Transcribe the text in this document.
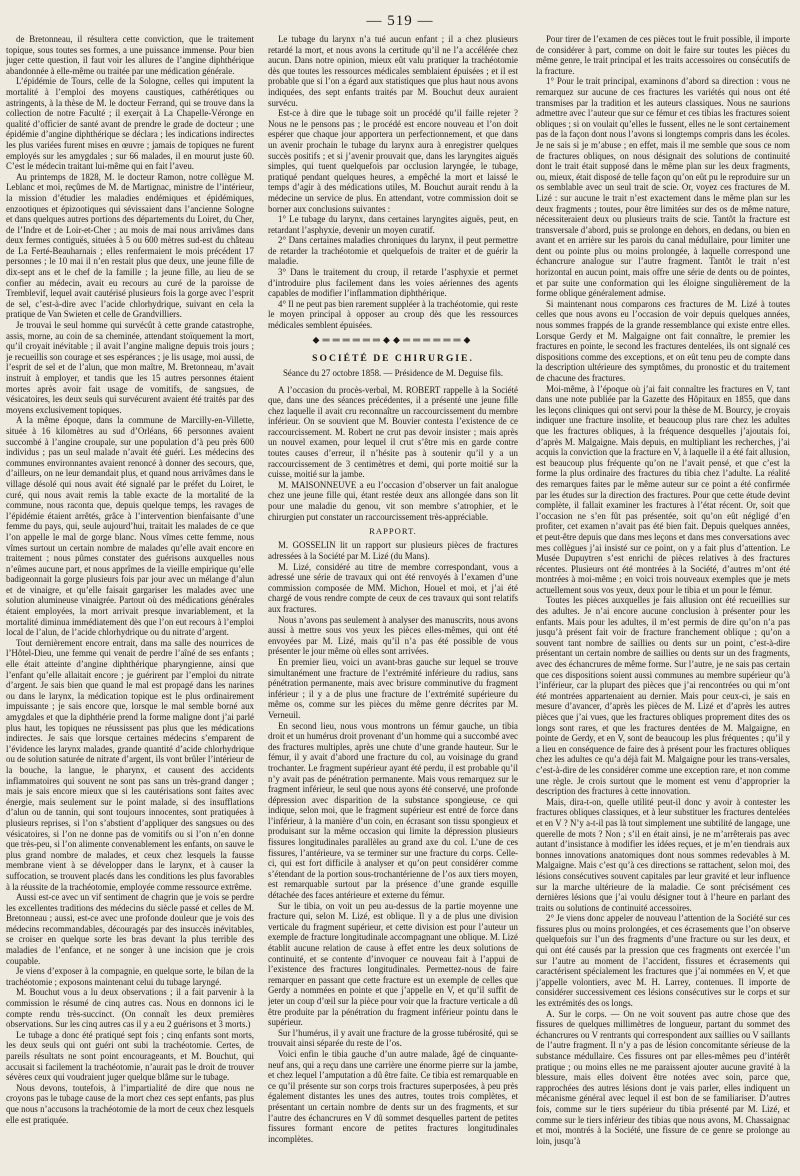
— 519 —

de Bretonneau, il résultera cette conviction, que le traitement topique, sous toutes ses formes, a une puissance immense. Pour bien juger cette question, il faut voir les allures de l’angine diphthérique abandonnée à elle-même ou traitée par une médication générale.

L’épidémie de Tours, celle de la Sologne, celles qui imputent la mortalité à l’emploi des moyens caustiques, cathérétiques ou astringents, à la thèse de M. le docteur Ferrand, qui se trouve dans la collection de notre Faculté ; il exerçait à La Chapelle-Véronge en qualité d’officier de santé avant de prendre le grade de docteur ; une épidémie d’angine diphthérique se déclara ; les indications indirectes les plus variées furent mises en œuvre ; jamais de topiques ne furent employés sur les amygdales ; sur 66 malades, il en mourut juste 60. C’est le médecin traitant lui-même qui en fait l’aveu.

Au printemps de 1828, M. le docteur Ramon, notre collègue M. Leblanc et moi, reçûmes de M. de Martignac, ministre de l’intérieur, la mission d’étudier les maladies endémiques et épidémiques, enzootiques et épizootiques qui sévissaient dans l’ancienne Sologne et dans quelques autres portions des départements du Loiret, du Cher, de l’Indre et de Loir-et-Cher ; au mois de mai nous arrivâmes dans deux fermes contiguës, situées à 5 ou 600 mètres sud-est du château de La Ferté-Beauharnais ; elles renfermaient le mois précédent 17 personnes ; le 10 mai il n’en restait plus que deux, une jeune fille de dix-sept ans et le chef de la famille ; la jeune fille, au lieu de se confier au médecin, avait eu recours au curé de la paroisse de Tremblevif, lequel avait cautérisé plusieurs fois la gorge avec l’esprit de sel, c’est-à-dire avec l’acide chlorhydrique, suivant en cela la pratique de Van Swieten et celle de Grandvilliers.

Je trouvai le seul homme qui survécût à cette grande catastrophe, assis, morne, au coin de sa cheminée, attendant stoïquement la mort, qu’il croyait inévitable ; il avait l’angine maligne depuis trois jours ; je recueillis son courage et ses espérances ; je lis usage, moi aussi, de l’esprit de sel et de l’alun, que mon maître, M. Bretonneau, m’avait instruit à employer, et tandis que les 15 autres personnes étaient mortes après avoir fait usage de vomitifs, de sangsues, de vésicatoires, les deux seuls qui survécurent avaient été traités par des moyens exclusivement topiques.

A la même époque, dans la commune de Marcilly-en-Villette, située à 16 kilomètres au sud d’Orléans, 66 personnes avaient succombé à l’angine croupale, sur une population d’à peu près 600 individus ; pas un seul malade n’avait été guéri. Les médecins des communes environnantes avaient renoncé à donner des secours, que, d’ailleurs, on ne leur demandait plus, et quand nous arrivâmes dans le village désolé qui nous avait été signalé par le préfet du Loiret, le curé, qui nous avait remis la table exacte de la mortalité de la commune, nous raconta que, depuis quelque temps, les ravages de l’épidémie étaient arrêtés, grâce à l’intervention bienfaisante d’une femme du pays, qui, seule aujourd’hui, traitait les malades de ce que l’on appelle le mal de gorge blanc. Nous vîmes cette femme, nous vîmes surtout un certain nombre de malades qu’elle avait encore en traitement ; nous pûmes constater des guérisons auxquelles nous n’eûmes aucune part, et nous apprîmes de la vieille empirique qu’elle badigeonnait la gorge plusieurs fois par jour avec un mélange d’alun et de vinaigre, et qu’elle faisait gargariser les malades avec une solution alumineuse vinaigrée. Partout où des médications générales étaient employées, la mort arrivait presque invariablement, et la mortalité diminua immédiatement dès que l’on eut recours à l’emploi local de l’alun, de l’acide chlorhydrique ou du nitrate d’argent.

Tout dernièrement encore entrait, dans ma salle des nourrices de l’Hôtel-Dieu, une femme qui venait de perdre l’aîné de ses enfants ; elle était atteinte d’angine diphthérique pharyngienne, ainsi que l’enfant qu’elle allaitait encore ; je guérirent par l’emploi du nitrate d’argent. Je sais bien que quand le mal est propagé dans les narines ou dans le larynx, la médication topique est le plus ordinairement impuissante ; je sais encore que, lorsque le mal semble borné aux amygdales et que la diphthérie prend la forme maligne dont j’ai parlé plus haut, les topiques ne réussissent pas plus que les médications indirectes. Je sais que lorsque certaines médecins s’emparent de l’évidence les larynx malades, grande quantité d’acide chlorhydrique ou de solution saturée de nitrate d’argent, ils vont brûler l’intérieur de la bouche, la langue, le pharynx, et causent des accidents inflammatoires qui souvent ne sont pas sans un très-grand danger ; mais je sais encore mieux que si les cautérisations sont faites avec énergie, mais seulement sur le point malade, si des insufflations d’alun ou de tannin, qui sont toujours innocentes, sont pratiquées à plusieurs reprises, si l’on s’abstient d’appliquer des sangsues ou des vésicatoires, si l’on ne donne pas de vomitifs ou si l’on n’en donne que très-peu, si l’on alimente convenablement les enfants, on sauve le plus grand nombre de malades, et ceux chez lesquels la fausse membrane vient à se développer dans le larynx, et à causer la suffocation, se trouvent placés dans les conditions les plus favorables à la réussite de la trachéotomie, employée comme ressource extrême.

Aussi est-ce avec un vif sentiment de chagrin que je vois se perdre les excellentes traditions des médecins du siècle passé et celles de M. Bretonneau ; aussi, est-ce avec une profonde douleur que je vois des médecins recommandables, découragés par des insuccès inévitables, se croiser en quelque sorte les bras devant la plus terrible des maladies de l’enfance, et ne songer à une incision que je crois coupable.

Je viens d’exposer à la compagnie, en quelque sorte, le bilan de la trachéotomie ; exposons maintenant celui du tubage laryngé.

M. Bouchut vous a lu deux observations ; il a fait parvenir à la commission le résumé de cinq autres cas. Nous en donnons ici le compte rendu très-succinct. (On connaît les deux premières observations. Sur les cinq autres cas il y a eu 2 guérisons et 3 morts.)

Le tubage a donc été pratiqué sept fois ; cinq enfants sont morts, les deux seuls qui ont guéri ont subi la trachéotomie. Certes, de pareils résultats ne sont point encourageants, et M. Bouchut, qui accusait si facilement la trachéotomie, n’aurait pas le droit de trouver sévères ceux qui voudraient juger quelque blâme sur le tubage.

Nous devons, toutefois, à l’impartialité de dire que nous ne croyons pas le tubage cause de la mort chez ces sept enfants, pas plus que nous n’accusons la trachéotomie de la mort de ceux chez lesquels elle est pratiquée.

Le tubage du larynx n’a tué aucun enfant ; il a chez plusieurs retardé la mort, et nous avons la certitude qu’il ne l’a accélérée chez aucun. Dans notre opinion, mieux eût valu pratiquer la trachéotomie dès que toutes les ressources médicales semblaient épuisées ; et il est probable que si l’on a égard aux statistiques que plus haut nous avons indiquées, des sept enfants traités par M. Bouchut deux auraient survécu.

Est-ce à dire que le tubage soit un procédé qu’il faille rejeter ? Nous ne le pensons pas ; le procédé est encore nouveau et l’on doit espérer que chaque jour apportera un perfectionnement, et que dans un avenir prochain le tubage du larynx aura à enregistrer quelques succès positifs ; et si j’avenir prouvait que, dans les laryngites aiguës simples, qui tuent quelquefois par occlusion laryngée, le tubage, pratiqué pendant quelques heures, a empêché la mort et laissé le temps d’agir à des médications utiles, M. Bouchut aurait rendu à la médecine un service de plus. En attendant, votre commission doit se borner aux conclusions suivantes :

1° Le tubage du larynx, dans certaines laryngites aiguës, peut, en retardant l’asphyxie, devenir un moyen curatif.

2° Dans certaines maladies chroniques du larynx, il peut permettre de retarder la trachéotomie et quelquefois de traiter et de guérir la maladie.

3° Dans le traitement du croup, il retarde l’asphyxie et permet d’introduire plus facilement dans les voies aériennes des agents capables de modifier l’inflammation diphthérique.

4° Il ne peut pas bien rarement suppléer à la trachéotomie, qui reste le moyen principal à opposer au croup dès que les ressources médicales semblent épuisées.

⬥══════⬥⬥══════⬥
SOCIÉTÉ DE CHIRURGIE.
Séance du 27 octobre 1858. — Présidence de M. Deguise fils.

A l’occasion du procès-verbal, M. ROBERT rappelle à la Société que, dans une des séances précédentes, il a présenté une jeune fille chez laquelle il avait cru reconnaître un raccourcissement du membre inférieur. On se souvient que M. Bouvier contesta l’existence de ce raccourcissement. M. Robert ne crut pas devoir insister ; mais après un nouvel examen, pour lequel il crut s’être mis en garde contre toutes causes d’erreur, il n’hésite pas à soutenir qu’il y a un raccourcissement de 3 centimètres et demi, qui porte moitié sur la cuisse, moitié sur la jambe.

M. MAISONNEUVE a eu l’occasion d’observer un fait analogue chez une jeune fille qui, étant restée deux ans allongée dans son lit pour une maladie du genou, vit son membre s’atrophier, et le chirurgien put constater un raccourcissement très-appréciable.

RAPPORT.

M. GOSSELIN lit un rapport sur plusieurs pièces de fractures adressées à la Société par M. Lizé (du Mans).

M. Lizé, considéré au titre de membre correspondant, vous a adressé une série de travaux qui ont été renvoyés à l’examen d’une commission composée de MM. Michon, Houel et moi, et j’ai été chargé de vous rendre compte de ceux de ces travaux qui sont relatifs aux fractures.

Nous n’avons pas seulement à analyser des manuscrits, nous avons aussi à mettre sous vos yeux les pièces elles-mêmes, qui ont été envoyées par M. Lizé, mais qu’il n’a pas été possible de vous présenter le jour même où elles sont arrivées.

En premier lieu, voici un avant-bras gauche sur lequel se trouve simultanément une fracture de l’extrémité inférieure du radius, sans pénétration permanente, mais avec brisure comminutive du fragment inférieur ; il y a de plus une fracture de l’extrémité supérieure du même os, comme sur les pièces du même genre décrites par M. Verneuil.

En second lieu, nous vous montrons un fémur gauche, un tibia droit et un humérus droit provenant d’un homme qui a succombé avec des fractures multiples, après une chute d’une grande hauteur. Sur le fémur, il y avait d’abord une fracture du col, au voisinage du grand trochanter. Le fragment supérieur ayant été perdu, il est probable qu’il n’y avait pas de pénétration permanente. Mais vous remarquez sur le fragment inférieur, le seul que nous ayons été conservé, une profonde dépression avec disparition de la substance spongieuse, ce qui indique, selon moi, que le fragment supérieur est entré de force dans l’inférieur, à la manière d’un coin, en écrasant son tissu spongieux et produisant sur la même occasion qui limite la dépression plusieurs fissures longitudinales parallèles au grand axe du col. L’une de ces fissures, l’antérieure, va se terminer sur une fracture du corps. Celle-ci, qui est fort difficile à analyser et qu’on peut considérer comme s’étendant de la portion sous-trochantérienne de l’os aux tiers moyen, est remarquable surtout par la présence d’une grande esquille détachée des faces antérieure et externe du fémur.

Sur le tibia, on voit un peu au-dessus de la partie moyenne une fracture qui, selon M. Lizé, est oblique. Il y a de plus une division verticale du fragment supérieur, et cette division est pour l’auteur un exemple de fracture longitudinale accompagnant une oblique. M. Lizé établit aucune relation de cause à effet entre les deux solutions de continuité, et se contente d’invoquer ce nouveau fait à l’appui de l’existence des fractures longitudinales. Permettez-nous de faire remarquer en passant que cette fracture est un exemple de celles que Gerdy a nommées en pointe et que j’appelle en V, et qu’il suffit de jeter un coup d’œil sur la pièce pour voir que la fracture verticale a dû être produite par la pénétration du fragment inférieur pointu dans le supérieur.

Sur l’humérus, il y avait une fracture de la grosse tubérosité, qui se trouvait ainsi séparée du reste de l’os.

Voici enfin le tibia gauche d’un autre malade, âgé de cinquante-neuf ans, qui a reçu dans une carrière une énorme pierre sur la jambe, et chez lequel l’amputation a dû être faite. Ce tibia est remarquable en ce qu’il présente sur son corps trois fractures superposées, à peu près également distantes les unes des autres, toutes trois complètes, et présentant un certain nombre de dents sur un des fragments, et sur l’autre des échancrures en V dû sommet desquelles partent de petites fissures formant encore de petites fractures longitudinales incomplètes.

Pour tirer de l’examen de ces pièces tout le fruit possible, il importe de considérer à part, comme on doit le faire sur toutes les pièces du même genre, le trait principal et les traits accessoires ou consécutifs de la fracture.

1° Pour le trait principal, examinons d’abord sa direction : vous ne remarquez sur aucune de ces fractures les variétés qui nous ont été transmises par la tradition et les auteurs classiques. Nous ne saurions admettre avec l’auteur que sur ce fémur et ces tibias les fractures soient obliques ; si on voulait qu’elles le fussent, elles ne le sont certainement pas de la façon dont nous l’avons si longtemps compris dans les écoles. Je ne sais si je m’abuse ; en effet, mais il me semble que sous ce nom de fractures obliques, on nous désignait des solutions de continuité dont le trait était supposé dans le même plan sur les deux fragments, ou, mieux, était disposé de telle façon qu’on eût pu le reproduire sur un os semblable avec un seul trait de scie. Or, voyez ces fractures de M. Lizé : sur aucune le trait n’est exactement dans le même plan sur les deux fragments ; toutes, pour être limitées sur des os de même nature, nécessiteraient deux ou plusieurs traits de scie. Tantôt la fracture est transversale d’abord, puis se prolonge en dehors, en dedans, ou bien en avant et en arrière sur les parois du canal médullaire, pour limiter une dent ou pointe plus ou moins prolongée, à laquelle correspond une échancrure analogue sur l’autre fragment. Tantôt le trait n’est horizontal en aucun point, mais offre une série de dents ou de pointes, et par suite une conformation qui les éloigne singulièrement de la forme oblique généralement admise.

Si maintenant nous comparons ces fractures de M. Lizé à toutes celles que nous avons eu l’occasion de voir depuis quelques années, nous sommes frappés de la grande ressemblance qui existe entre elles. Lorsque Gerdy et M. Malgaigne ont fait connaître, le premier les fractures en pointe, le second les fractures dentelées, ils ont signalé ces dispositions comme des exceptions, et on eût tenu peu de compte dans la description ultérieure des symptômes, du pronostic et du traitement de chacune des fractures.

Moi-même, à l’époque où j’ai fait connaître les fractures en V, tant dans une note publiée par la Gazette des Hôpitaux en 1855, que dans les leçons cliniques qui ont servi pour la thèse de M. Bourcy, je croyais indiquer une fracture insolite, et beaucoup plus rare chez les adultes que les fractures obliques, à la fréquence desquelles j’ajoutais foi, d’après M. Malgaigne. Mais depuis, en multipliant les recherches, j’ai acquis la conviction que la fracture en V, à laquelle il a été fait allusion, est beaucoup plus fréquente qu’on ne l’avait pensé, et que c’est la forme la plus ordinaire des fractures du tibia chez l’adulte. La réalité des remarques faites par le même auteur sur ce point a été confirmée par les études sur la direction des fractures. Pour que cette étude devint complète, il fallait examiner les fractures à l’état récent. Or, soit que l’occasion ne s’en fût pas présentée, soit qu’on eût négligé d’en profiter, cet examen n’avait pas été bien fait. Depuis quelques années, et peut-être depuis que dans mes leçons et dans mes conversations avec mes collègues j’ai insisté sur ce point, on y a fait plus d’attention. Le Musée Dupuytren s’est enrichi de pièces relatives à des fractures récentes. Plusieurs ont été montrées à la Société, d’autres m’ont été montrées à moi-même ; en voici trois nouveaux exemples que je mets actuellement sous vos yeux, deux pour le tibia et un pour le fémur.

Toutes les pièces auxquelles je fais allusion ont été recueillies sur des adultes. Je n’ai encore aucune conclusion à présenter pour les enfants. Mais pour les adultes, il m’est permis de dire qu’on n’a pas jusqu’à présent fait voir de fracture franchement oblique ; qu’on a souvent tant nombre de saillies ou dents sur un point, c’est-à-dire présentant un certain nombre de saillies ou dents sur un des fragments, avec des échancrures de même forme. Sur l’autre, je ne sais pas certain que ces dispositions soient aussi communes au membre supérieur qu’à l’inférieur, car la plupart des pièces que j’ai rencontrées ou qui m’ont été montrées appartenaient au dernier. Mais pour ceux-ci, je sais en mesure d’avancer, d’après les pièces de M. Lizé et d’après les autres pièces que j’ai vues, que les fractures obliques proprement dites des os longs sont rares, et que les fractures dentées de M. Malgaigne, en pointe de Gerdy, et en V, sont de beaucoup les plus fréquentes ; qu’il y a lieu en conséquence de faire des à présent pour les fractures obliques chez les adultes ce qu’a déjà fait M. Malgaigne pour les trans-versales, c’est-à-dire de les considérer comme une exception rare, et non comme une règle. Je crois surtout que le moment est venu d’approprier la description des fractures à cette innovation.

Mais, dira-t-on, quelle utilité peut-il donc y avoir à contester les fractures obliques classiques, et à leur substituer les fractures dentelées et en V ? N’y a-t-il pas là tout simplement une subtilité de langage, une querelle de mots ? Non ; s’il en était ainsi, je ne m’arrêterais pas avec autant d’insistance à modifier les idées reçues, et je m’en tiendrais aux bonnes innovations anatomiques dont nous sommes redevables à M. Malgaigne. Mais c’est qu’à ces directions se rattachent, selon moi, des lésions consécutives souvent capitales par leur gravité et leur influence sur la marche ultérieure de la maladie. Ce sont précisément ces dernières lésions que j’ai voulu désigner tout à l’heure en parlant des traits ou solutions de continuité accessoires.

2° Je viens donc appeler de nouveau l’attention de la Société sur ces fissures plus ou moins prolongées, et ces écrasements que l’on observe quelquefois sur l’un des fragments d’une fracture ou sur les deux, et qui ont été causés par la pression que ces fragments ont exercée l’un sur l’autre au moment de l’accident, fissures et écrasements qui caractérisent spécialement les fractures que j’ai nommées en V, et que j’appelle volontiers, avec M. H. Larrey, contenues. Il importe de considérer successivement ces lésions consécutives sur le corps et sur les extrémités des os longs.

A. Sur le corps. — On ne voit souvent pas autre chose que des fissures de quelques millimètres de longueur, partant du sommet des échancrures ou V rentrants qui correspondent aux saillies ou V saillants de l’autre fragment. Il n’y a pas de lésion concomitante sérieuse de la substance médullaire. Ces fissures ont par elles-mêmes peu d’intérêt pratique ; ou moins elles ne me paraissent ajouter aucune gravité à la blessure, mais elles doivent être notées avec soin, parce que, rapprochées des autres lésions dont je vais parler, elles indiquent un mécanisme général avec lequel il est bon de se familiariser. D’autres fois, comme sur le tiers supérieur du tibia présenté par M. Lizé, et comme sur le tiers inférieur des tibias que nous avons, M. Chassaignac et moi, montrés à la Société, une fissure de ce genre se prolonge au loin, jusqu’à
